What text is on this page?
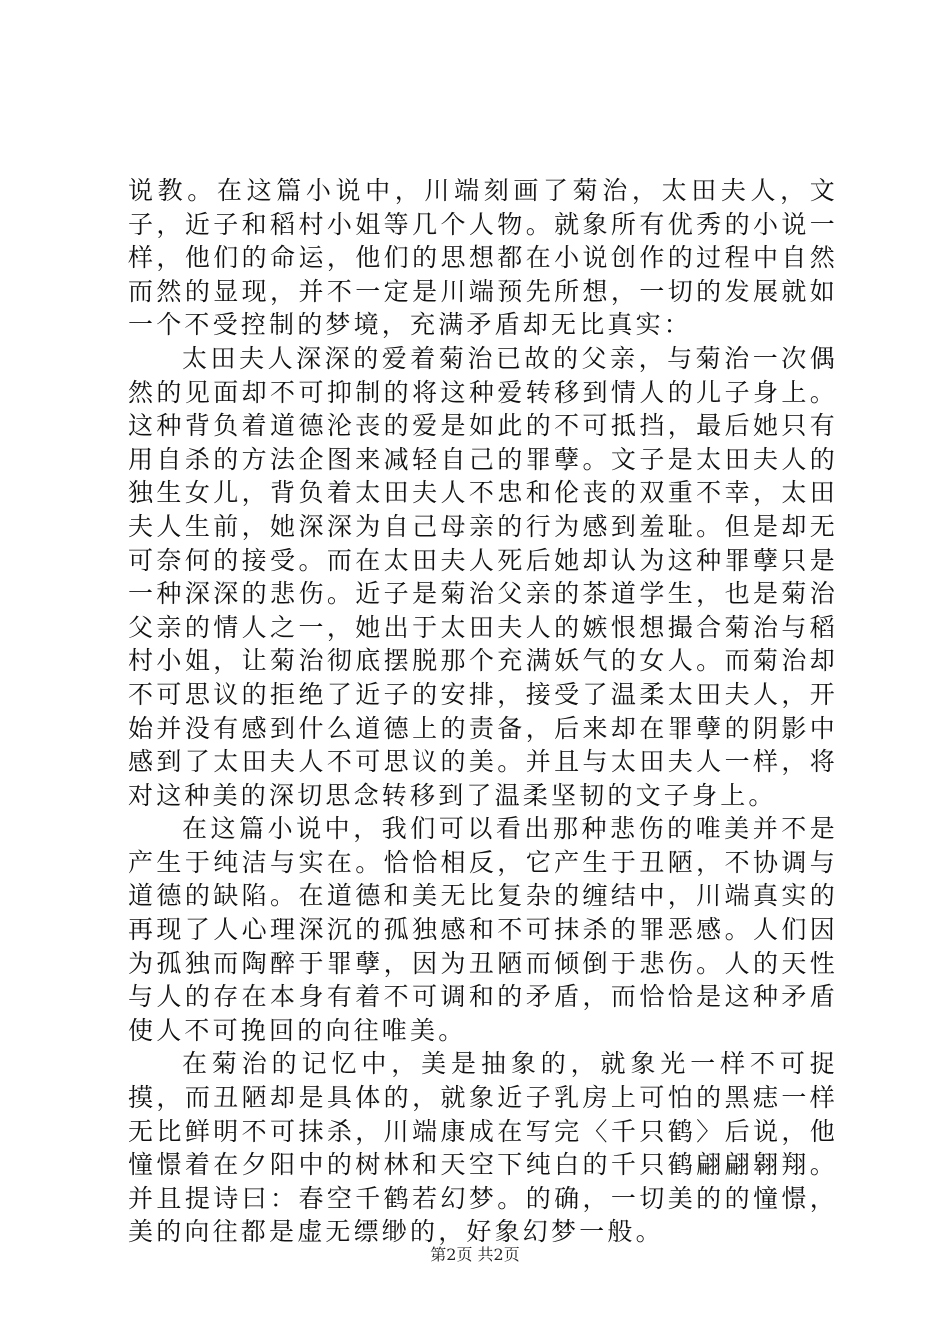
说教。在这篇小说中，川端刻画了菊治，太田夫人，文子，近子和稻村小姐等几个人物。就象所有优秀的小说一样，他们的命运，他们的思想都在小说创作的过程中自然而然的显现，并不一定是川端预先所想，一切的发展就如一个不受控制的梦境，充满矛盾却无比真实：

太田夫人深深的爱着菊治已故的父亲，与菊治一次偶然的见面却不可抑制的将这种爱转移到情人的儿子身上。这种背负着道德沦丧的爱是如此的不可抵挡，最后她只有用自杀的方法企图来减轻自己的罪孽。文子是太田夫人的独生女儿，背负着太田夫人不忠和伦丧的双重不幸，太田夫人生前，她深深为自己母亲的行为感到羞耻。但是却无可奈何的接受。而在太田夫人死后她却认为这种罪孽只是一种深深的悲伤。近子是菊治父亲的茶道学生，也是菊治父亲的情人之一，她出于太田夫人的嫉恨想撮合菊治与稻村小姐，让菊治彻底摆脱那个充满妖气的女人。而菊治却不可思议的拒绝了近子的安排，接受了温柔太田夫人，开始并没有感到什么道德上的责备，后来却在罪孽的阴影中感到了太田夫人不可思议的美。并且与太田夫人一样，将对这种美的深切思念转移到了温柔坚韧的文子身上。

在这篇小说中，我们可以看出那种悲伤的唯美并不是产生于纯洁与实在。恰恰相反，它产生于丑陋，不协调与道德的缺陷。在道德和美无比复杂的缠结中，川端真实的再现了人心理深沉的孤独感和不可抹杀的罪恶感。人们因为孤独而陶醉于罪孽，因为丑陋而倾倒于悲伤。人的天性与人的存在本身有着不可调和的矛盾，而恰恰是这种矛盾使人不可挽回的向往唯美。

在菊治的记忆中，美是抽象的，就象光一样不可捉摸，而丑陋却是具体的，就象近子乳房上可怕的黑痣一样无比鲜明不可抹杀，川端康成在写完〈千只鹤〉后说，他憧憬着在夕阳中的树林和天空下纯白的千只鹤翩翩翱翔。并且提诗曰：春空千鹤若幻梦。的确，一切美的的憧憬，美的向往都是虚无缥缈的，好象幻梦一般。

第2页 共2页
